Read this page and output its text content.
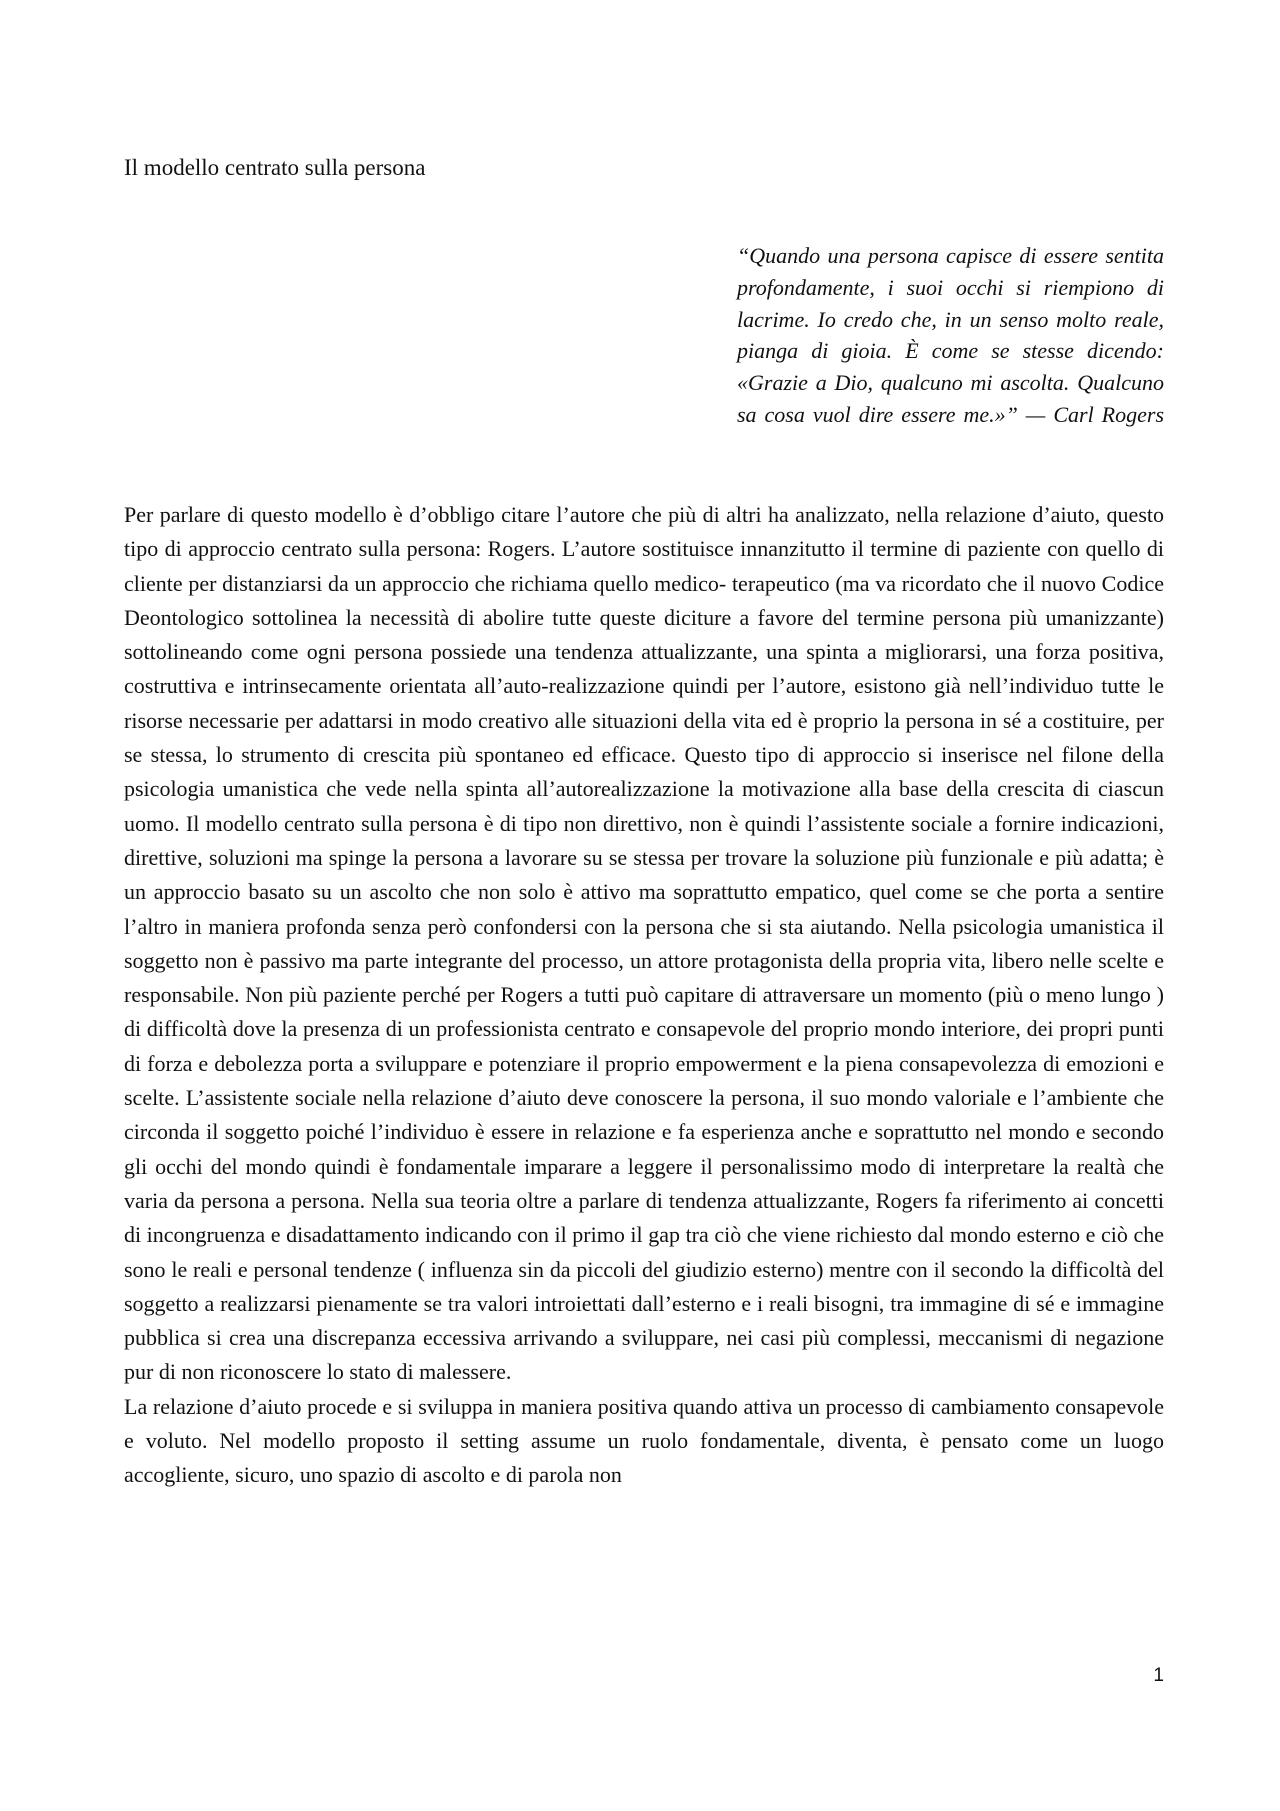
Il modello centrato sulla persona

“Quando una persona capisce di essere sentita profondamente, i suoi occhi si riempiono di lacrime. Io credo che, in un senso molto reale, pianga di gioia. È come se stesse dicendo: «Grazie a Dio, qualcuno mi ascolta. Qualcuno sa cosa vuol dire essere me.»” — Carl Rogers

Per parlare di questo modello è d’obbligo citare l’autore che più di altri ha analizzato, nella relazione d’aiuto, questo tipo di approccio centrato sulla persona: Rogers. L’autore sostituisce innanzitutto il termine di paziente con quello di cliente per distanziarsi da un approccio che richiama quello medico- terapeutico (ma va ricordato che il nuovo Codice Deontologico sottolinea la necessità di abolire tutte queste diciture a favore del termine persona più umanizzante) sottolineando come ogni persona possiede una tendenza attualizzante, una spinta a migliorarsi, una forza positiva, costruttiva e intrinsecamente orientata all’auto-realizzazione quindi per l’autore, esistono già nell’individuo tutte le risorse necessarie per adattarsi in modo creativo alle situazioni della vita ed è proprio la persona in sé a costituire, per se stessa, lo strumento di crescita più spontaneo ed efficace. Questo tipo di approccio si inserisce nel filone della psicologia umanistica che vede nella spinta all’autorealizzazione la motivazione alla base della crescita di ciascun uomo. Il modello centrato sulla persona è di tipo non direttivo, non è quindi l’assistente sociale a fornire indicazioni, direttive, soluzioni ma spinge la persona a lavorare su se stessa per trovare la soluzione più funzionale e più adatta; è un approccio basato su un ascolto che non solo è attivo ma soprattutto empatico, quel come se che porta a sentire l’altro in maniera profonda senza però confondersi con la persona che si sta aiutando. Nella psicologia umanistica il soggetto non è passivo ma parte integrante del processo, un attore protagonista della propria vita, libero nelle scelte e responsabile. Non più paziente perché per Rogers a tutti può capitare di attraversare un momento (più o meno lungo ) di difficoltà dove la presenza di un professionista centrato e consapevole del proprio mondo interiore, dei propri punti di forza e debolezza porta a sviluppare e potenziare il proprio empowerment e la piena consapevolezza di emozioni e scelte. L’assistente sociale nella relazione d’aiuto deve conoscere la persona, il suo mondo valoriale e l’ambiente che circonda il soggetto poiché l’individuo è essere in relazione e fa esperienza anche e soprattutto nel mondo e secondo gli occhi del mondo quindi è fondamentale imparare a leggere il personalissimo modo di interpretare la realtà che varia da persona a persona. Nella sua teoria oltre a parlare di tendenza attualizzante, Rogers fa riferimento ai concetti di incongruenza e disadattamento indicando con il primo il gap tra ciò che viene richiesto dal mondo esterno e ciò che sono le reali e personal tendenze ( influenza sin da piccoli del giudizio esterno) mentre con il secondo la difficoltà del soggetto a realizzarsi pienamente se tra valori introiettati dall’esterno e i reali bisogni, tra immagine di sé e immagine pubblica si crea una discrepanza eccessiva arrivando a sviluppare, nei casi più complessi, meccanismi di negazione pur di non riconoscere lo stato di malessere.

La relazione d’aiuto procede e si sviluppa in maniera positiva quando attiva un processo di cambiamento consapevole e voluto. Nel modello proposto il setting assume un ruolo fondamentale, diventa, è pensato come un luogo accogliente, sicuro, uno spazio di ascolto e di parola non

1
